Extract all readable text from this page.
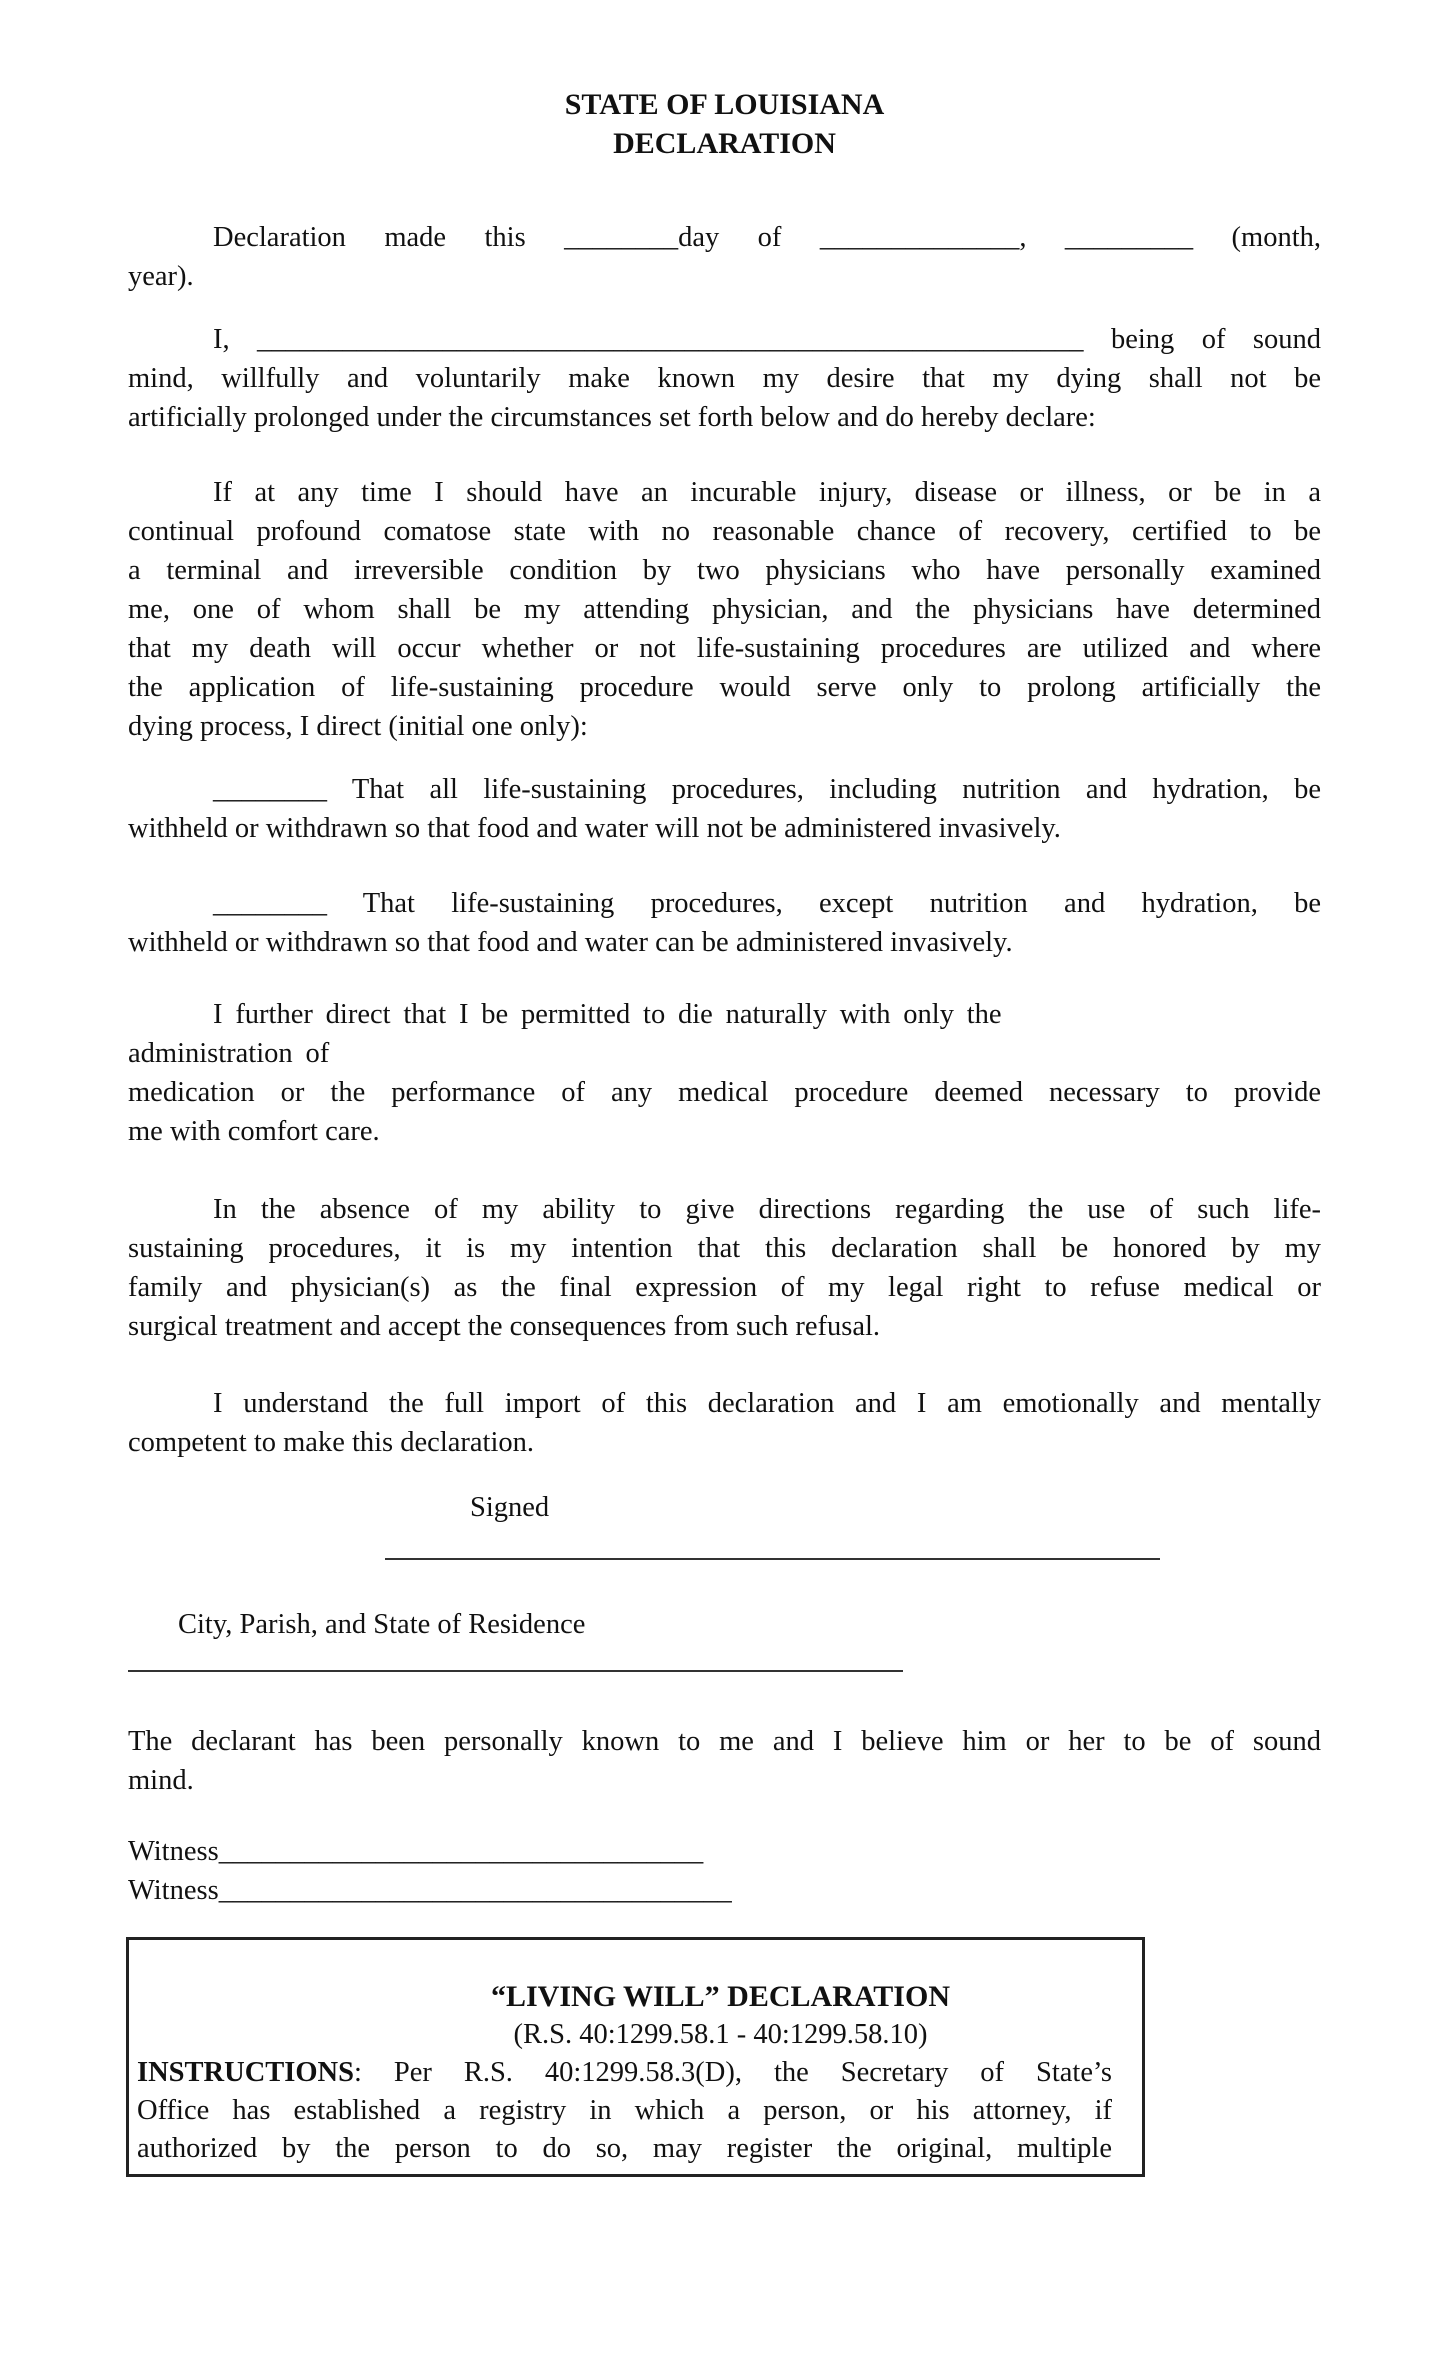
STATE OF LOUISIANA
DECLARATION
Declaration made this ________day of ______________, _________ (month,
year).
I, __________________________________________________________ being of sound
mind, willfully and voluntarily make known my desire that my dying shall not be
artificially prolonged under the circumstances set forth below and do hereby declare:
If at any time I should have an incurable injury, disease or illness, or be in a
continual profound comatose state with no reasonable chance of recovery, certified to be
a terminal and irreversible condition by two physicians who have personally examined
me, one of whom shall be my attending physician, and the physicians have determined
that my death will occur whether or not life-sustaining procedures are utilized and where
the application of life-sustaining procedure would serve only to prolong artificially the
dying process, I direct (initial one only):
________ That all life-sustaining procedures, including nutrition and hydration, be
withheld or withdrawn so that food and water will not be administered invasively.
________ That life-sustaining procedures, except nutrition and hydration, be
withheld or withdrawn so that food and water can be administered invasively.
I further direct that I be permitted to die naturally with only the
administration of
medication or the performance of any medical procedure deemed necessary to provide
me with comfort care.
In the absence of my ability to give directions regarding the use of such life-
sustaining procedures, it is my intention that this declaration shall be honored by my
family and physician(s) as the final expression of my legal right to refuse medical or
surgical treatment and accept the consequences from such refusal.
I understand the full import of this declaration and I am emotionally and mentally
competent to make this declaration.
Signed
City, Parish, and State of Residence
The declarant has been personally known to me and I believe him or her to be of sound
mind.
Witness__________________________________
Witness____________________________________
“LIVING WILL” DECLARATION
(R.S. 40:1299.58.1 - 40:1299.58.10)
INSTRUCTIONS: Per R.S. 40:1299.58.3(D), the Secretary of State’s
Office has established a registry in which a person, or his attorney, if
authorized by the person to do so, may register the original, multiple
